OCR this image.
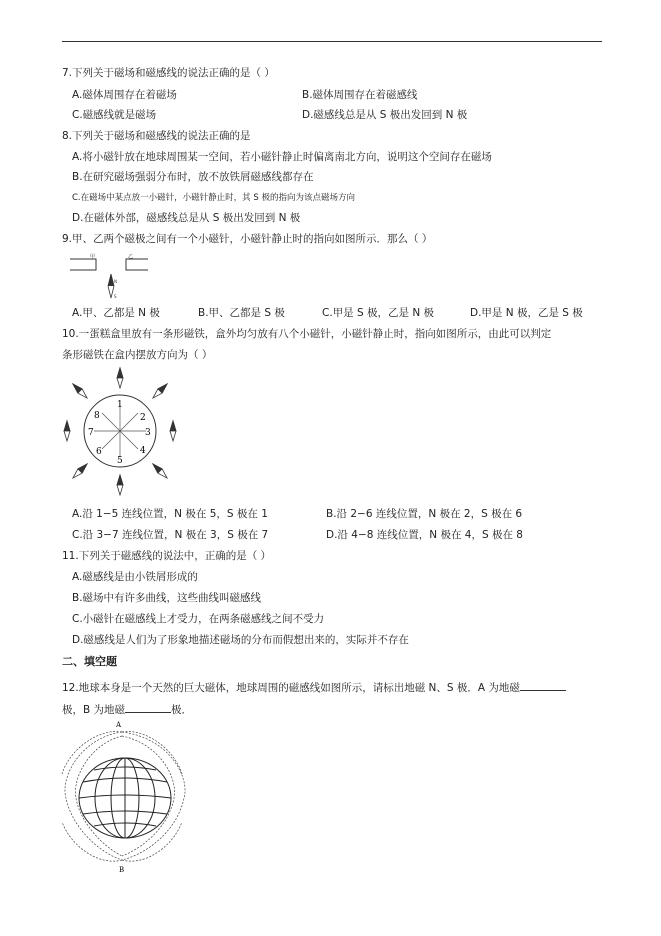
7.下列关于磁场和磁感线的说法正确的是（ ）
A.磁体周围存在着磁场	B.磁体周围存在着磁感线
C.磁感线就是磁场	D.磁感线总是从 S 极出发回到 N 极
8.下列关于磁场和磁感线的说法正确的是
A.将小磁针放在地球周围某一空间，若小磁针静止时偏离南北方向，说明这个空间存在磁场
B.在研究磁场强弱分布时，放不放铁屑磁感线都存在
C.在磁场中某点放一小磁针，小磁针静止时，其 S 极的指向为该点磁场方向
D.在磁体外部，磁感线总是从 S 极出发回到 N 极
9.甲、乙两个磁极之间有一个小磁针，小磁针静止时的指向如图所示．那么（ ）
甲	乙
N
S
A.甲、乙都是 N 极	B.甲、乙都是 S 极	C.甲是 S 极，乙是 N 极	D.甲是 N 极，乙是 S 极
10.一蛋糕盒里放有一条形磁铁，盒外均匀放有八个小磁针，小磁针静止时，指向如图所示，由此可以判定
条形磁铁在盒内摆放方向为（ ）
1
2
3
4
5
6
7
8
A.沿 1−5 连线位置，N 极在 5，S 极在 1	B.沿 2−6 连线位置，N 极在 2，S 极在 6
C.沿 3−7 连线位置，N 极在 3，S 极在 7	D.沿 4−8 连线位置，N 极在 4，S 极在 8
11.下列关于磁感线的说法中，正确的是（ ）
A.磁感线是由小铁屑形成的
B.磁场中有许多曲线，这些曲线叫磁感线
C.小磁针在磁感线上才受力，在两条磁感线之间不受力
D.磁感线是人们为了形象地描述磁场的分布而假想出来的，实际并不存在
二、填空题
12.地球本身是一个天然的巨大磁体，地球周围的磁感线如图所示，请标出地磁 N、S 极．A 为地磁
极，B 为地磁	极．
A
B
